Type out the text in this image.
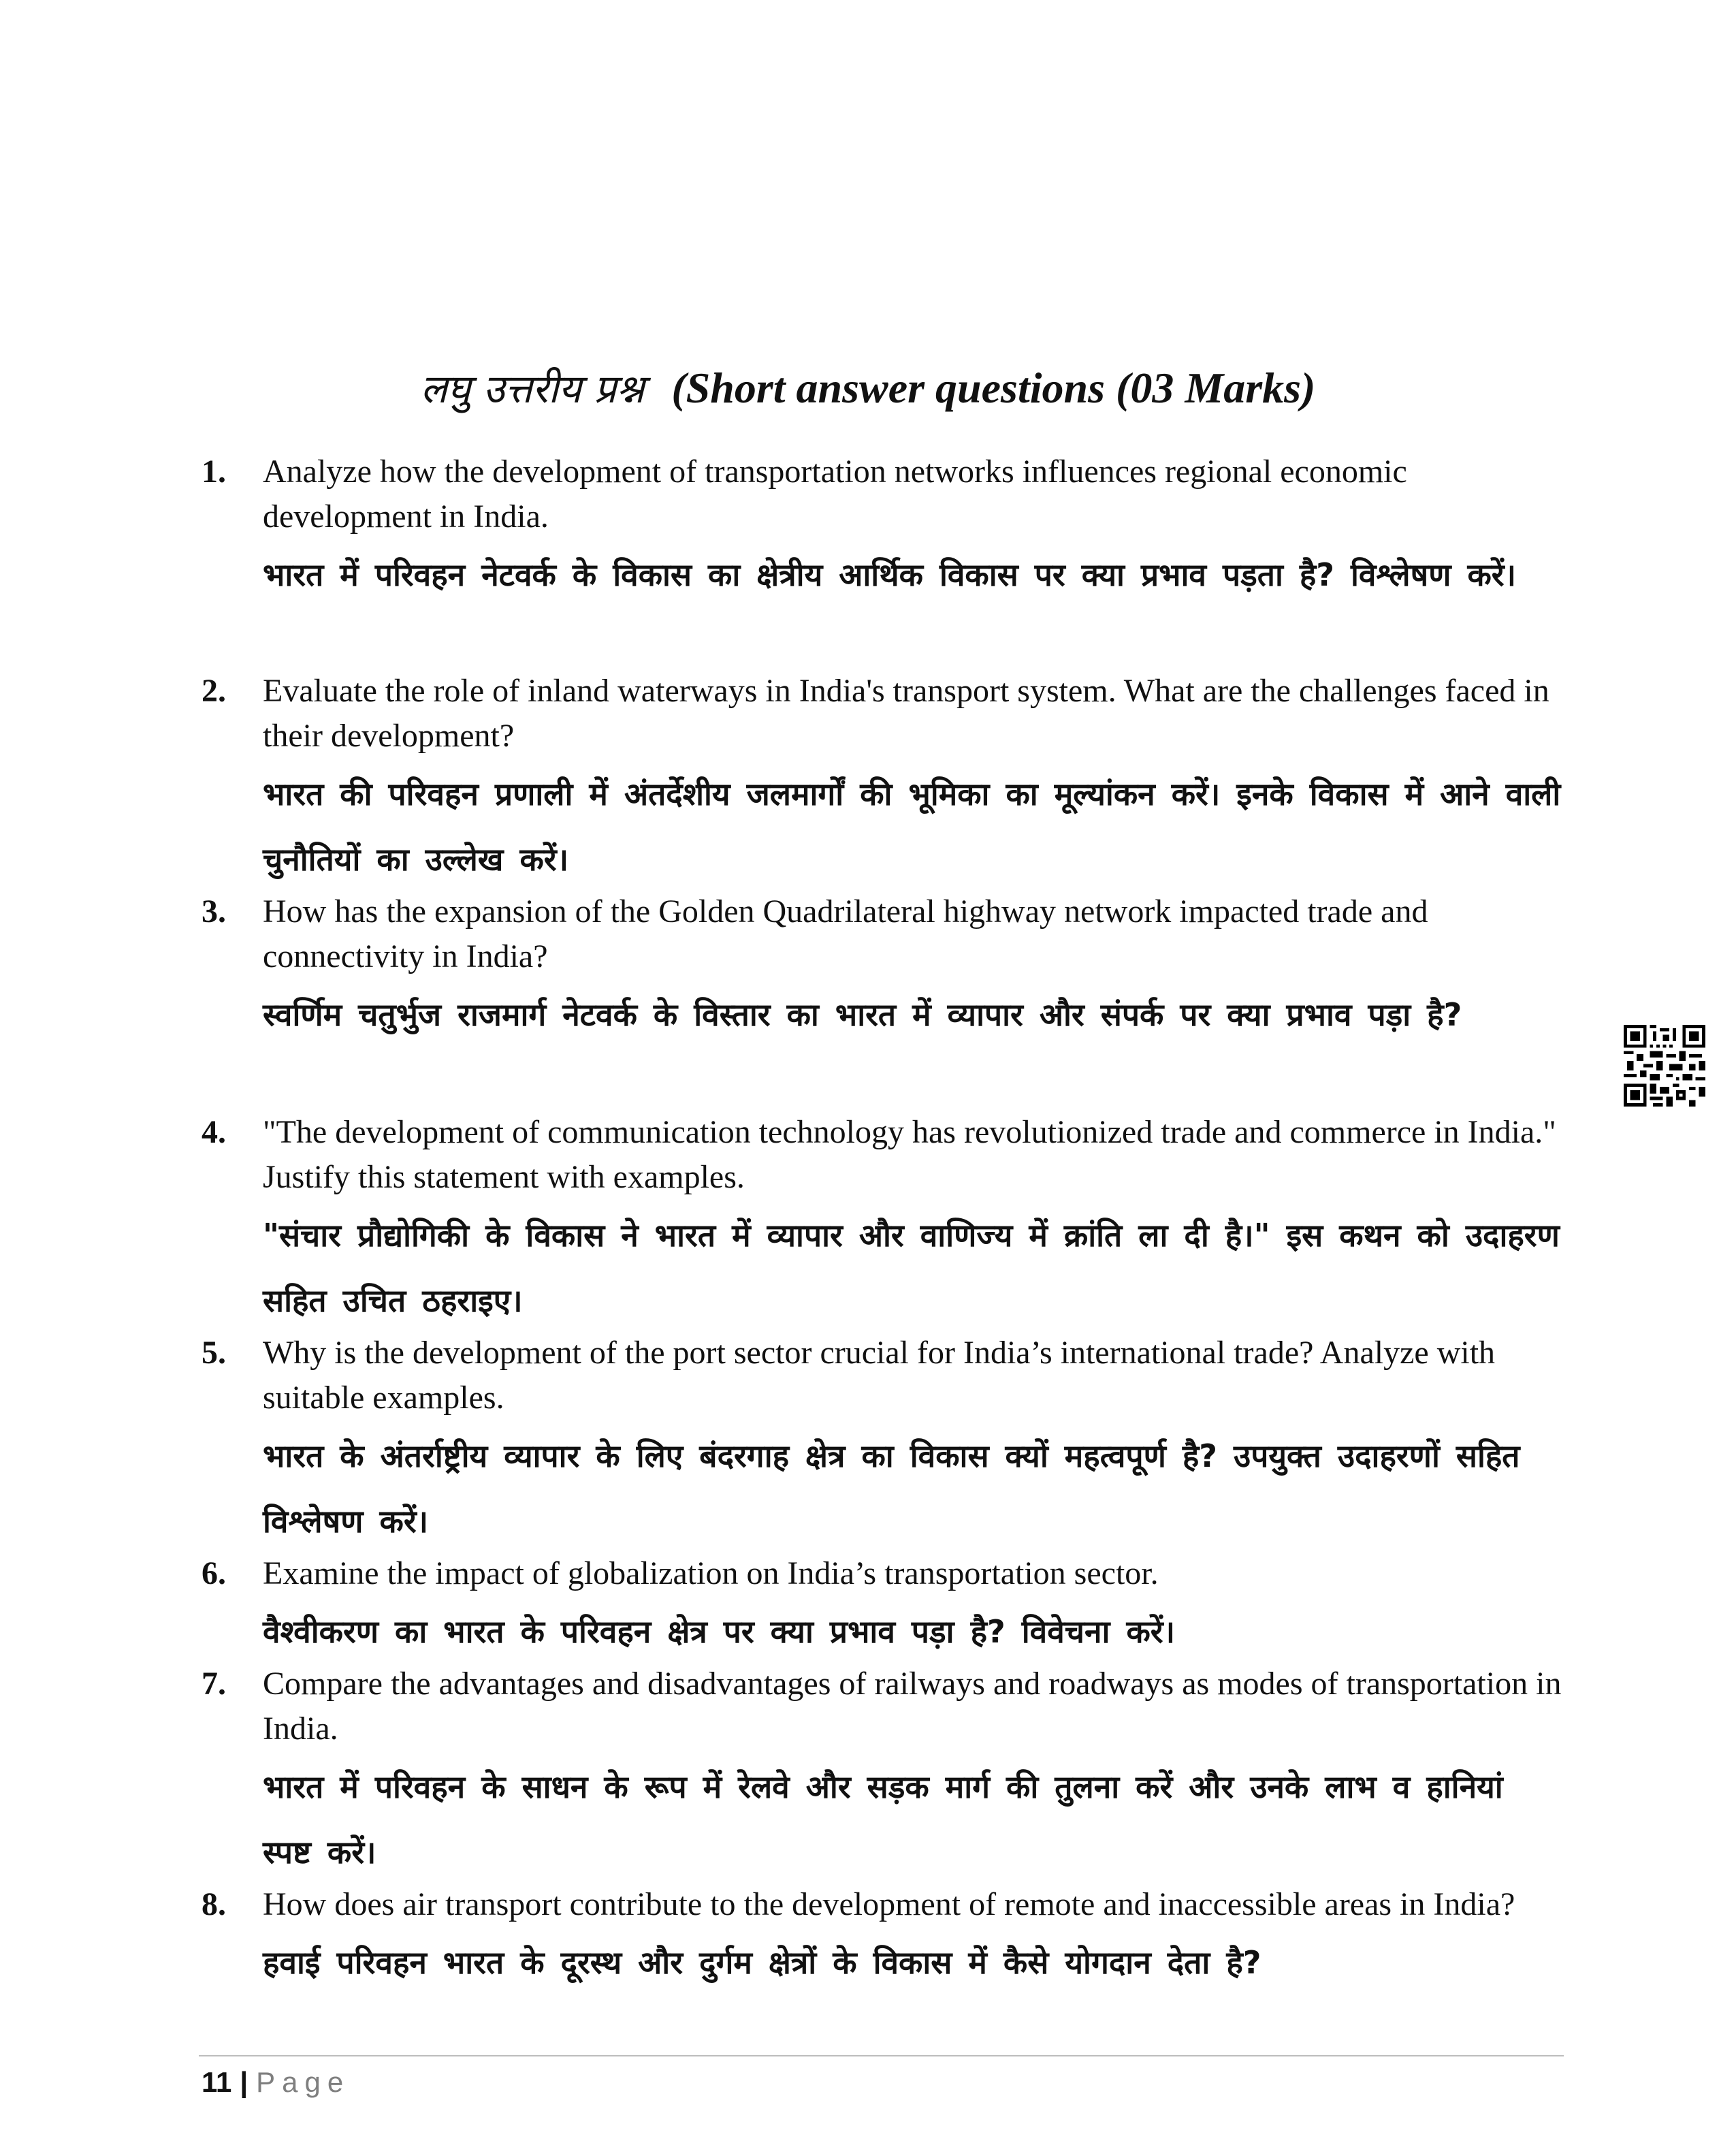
लघु उत्तरीय प्रश्न (Short answer questions (03 Marks)
1. Analyze how the development of transportation networks influences regional economic development in India.

भारत में परिवहन नेटवर्क के विकास का क्षेत्रीय आर्थिक विकास पर क्या प्रभाव पड़ता है? विश्लेषण करें।

2. Evaluate the role of inland waterways in India's transport system. What are the challenges faced in their development?

भारत की परिवहन प्रणाली में अंतर्देशीय जलमार्गों की भूमिका का मूल्यांकन करें। इनके विकास में आने वाली चुनौतियों का उल्लेख करें।

3. How has the expansion of the Golden Quadrilateral highway network impacted trade and connectivity in India?

स्वर्णिम चतुर्भुज राजमार्ग नेटवर्क के विस्तार का भारत में व्यापार और संपर्क पर क्या प्रभाव पड़ा है?

4. "The development of communication technology has revolutionized trade and commerce in India." Justify this statement with examples.

"संचार प्रौद्योगिकी के विकास ने भारत में व्यापार और वाणिज्य में क्रांति ला दी है।" इस कथन को उदाहरण सहित उचित ठहराइए।

5. Why is the development of the port sector crucial for India’s international trade? Analyze with suitable examples.

भारत के अंतर्राष्ट्रीय व्यापार के लिए बंदरगाह क्षेत्र का विकास क्यों महत्वपूर्ण है? उपयुक्त उदाहरणों सहित विश्लेषण करें।

6. Examine the impact of globalization on India’s transportation sector.

वैश्वीकरण का भारत के परिवहन क्षेत्र पर क्या प्रभाव पड़ा है? विवेचना करें।

7. Compare the advantages and disadvantages of railways and roadways as modes of transportation in India.

भारत में परिवहन के साधन के रूप में रेलवे और सड़क मार्ग की तुलना करें और उनके लाभ व हानियां स्पष्ट करें।

8. How does air transport contribute to the development of remote and inaccessible areas in India?

हवाई परिवहन भारत के दूरस्थ और दुर्गम क्षेत्रों के विकास में कैसे योगदान देता है?

11 | Page
